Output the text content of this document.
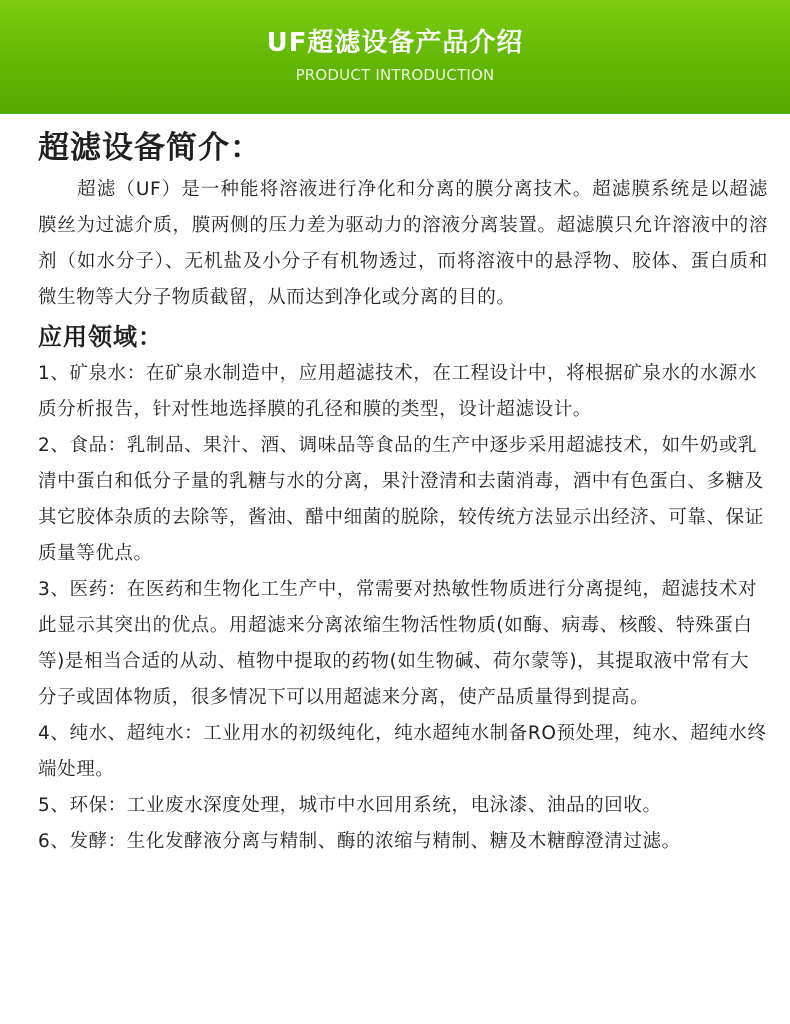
UF超滤设备产品介绍
PRODUCT INTRODUCTION
超滤设备简介：

　　超滤（UF）是一种能将溶液进行净化和分离的膜分离技术。超滤膜系统是以超滤膜丝为过滤介质，膜两侧的压力差为驱动力的溶液分离装置。超滤膜只允许溶液中的溶剂（如水分子）、无机盐及小分子有机物透过，而将溶液中的悬浮物、胶体、蛋白质和微生物等大分子物质截留，从而达到净化或分离的目的。

应用领域：

1、矿泉水：在矿泉水制造中，应用超滤技术，在工程设计中，将根据矿泉水的水源水质分析报告，针对性地选择膜的孔径和膜的类型，设计超滤设计。

2、食品：乳制品、果汁、酒、调味品等食品的生产中逐步采用超滤技术，如牛奶或乳清中蛋白和低分子量的乳糖与水的分离，果汁澄清和去菌消毒，酒中有色蛋白、多糖及其它胶体杂质的去除等，酱油、醋中细菌的脱除，较传统方法显示出经济、可靠、保证质量等优点。

3、医药：在医药和生物化工生产中，常需要对热敏性物质进行分离提纯，超滤技术对此显示其突出的优点。用超滤来分离浓缩生物活性物质(如酶、病毒、核酸、特殊蛋白等)是相当合适的从动、植物中提取的药物(如生物碱、荷尔蒙等)，其提取液中常有大分子或固体物质，很多情况下可以用超滤来分离，使产品质量得到提高。

4、纯水、超纯水：工业用水的初级纯化，纯水超纯水制备RO预处理，纯水、超纯水终端处理。

5、环保：工业废水深度处理，城市中水回用系统，电泳漆、油品的回收。

6、发酵：生化发酵液分离与精制、酶的浓缩与精制、糖及木糖醇澄清过滤。
